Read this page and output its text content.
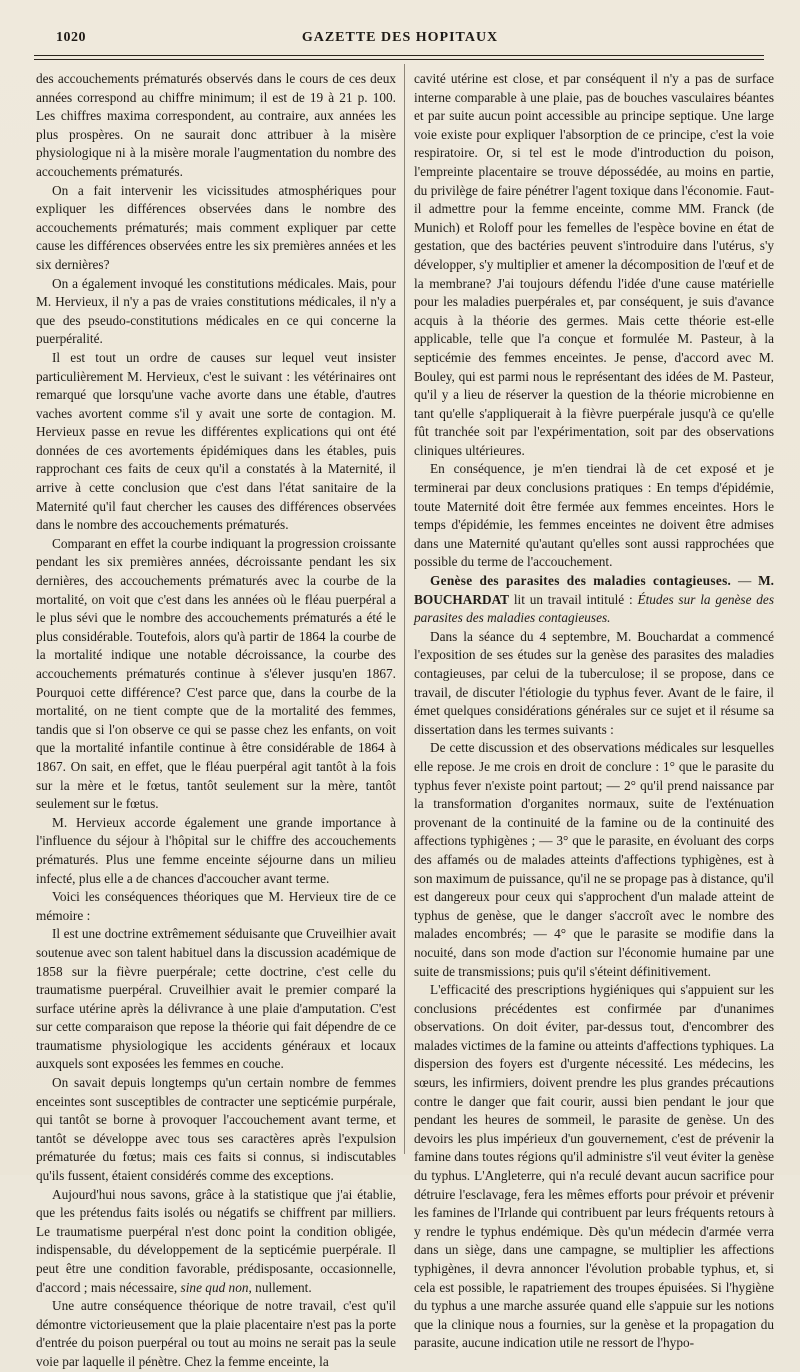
1020	GAZETTE DES HOPITAUX

des accouchements prématurés observés dans le cours de ces deux années correspond au chiffre minimum; il est de 19 à 21 p. 100. Les chiffres maxima correspondent, au contraire, aux années les plus prospères. On ne saurait donc attribuer à la misère physiologique ni à la misère morale l'augmentation du nombre des accouchements prématurés.

On a fait intervenir les vicissitudes atmosphériques pour expliquer les différences observées dans le nombre des accouchements prématurés; mais comment expliquer par cette cause les différences observées entre les six premières années et les six dernières?

On a également invoqué les constitutions médicales. Mais, pour M. Hervieux, il n'y a pas de vraies constitutions médicales, il n'y a que des pseudo-constitutions médicales en ce qui concerne la puerpéralité.

Il est tout un ordre de causes sur lequel veut insister particulièrement M. Hervieux, c'est le suivant : les vétérinaires ont remarqué que lorsqu'une vache avorte dans une étable, d'autres vaches avortent comme s'il y avait une sorte de contagion. M. Hervieux passe en revue les différentes explications qui ont été données de ces avortements épidémiques dans les étables, puis rapprochant ces faits de ceux qu'il a constatés à la Maternité, il arrive à cette conclusion que c'est dans l'état sanitaire de la Maternité qu'il faut chercher les causes des différences observées dans le nombre des accouchements prématurés.

Comparant en effet la courbe indiquant la progression croissante pendant les six premières années, décroissante pendant les six dernières, des accouchements prématurés avec la courbe de la mortalité, on voit que c'est dans les années où le fléau puerpéral a le plus sévi que le nombre des accouchements prématurés a été le plus considérable. Toutefois, alors qu'à partir de 1864 la courbe de la mortalité indique une notable décroissance, la courbe des accouchements prématurés continue à s'élever jusqu'en 1867. Pourquoi cette différence? C'est parce que, dans la courbe de la mortalité, on ne tient compte que de la mortalité des femmes, tandis que si l'on observe ce qui se passe chez les enfants, on voit que la mortalité infantile continue à être considérable de 1864 à 1867. On sait, en effet, que le fléau puerpéral agit tantôt à la fois sur la mère et le fœtus, tantôt seulement sur la mère, tantôt seulement sur le fœtus.

M. Hervieux accorde également une grande importance à l'influence du séjour à l'hôpital sur le chiffre des accouchements prématurés. Plus une femme enceinte séjourne dans un milieu infecté, plus elle a de chances d'accoucher avant terme.

Voici les conséquences théoriques que M. Hervieux tire de ce mémoire :

Il est une doctrine extrêmement séduisante que Cruveilhier avait soutenue avec son talent habituel dans la discussion académique de 1858 sur la fièvre puerpérale; cette doctrine, c'est celle du traumatisme puerpéral. Cruveilhier avait le premier comparé la surface utérine après la délivrance à une plaie d'amputation. C'est sur cette comparaison que repose la théorie qui fait dépendre de ce traumatisme physiologique les accidents généraux et locaux auxquels sont exposées les femmes en couche.

On savait depuis longtemps qu'un certain nombre de femmes enceintes sont susceptibles de contracter une septicémie purpérale, qui tantôt se borne à provoquer l'accouchement avant terme, et tantôt se développe avec tous ses caractères après l'expulsion prématurée du fœtus; mais ces faits si connus, si indiscutables qu'ils fussent, étaient considérés comme des exceptions.

Aujourd'hui nous savons, grâce à la statistique que j'ai établie, que les prétendus faits isolés ou négatifs se chiffrent par milliers. Le traumatisme puerpéral n'est donc point la condition obligée, indispensable, du développement de la septicémie puerpérale. Il peut être une condition favorable, prédisposante, occasionnelle, d'accord ; mais nécessaire, sine qud non, nullement.

Une autre conséquence théorique de notre travail, c'est qu'il démontre victorieusement que la plaie placentaire n'est pas la porte d'entrée du poison puerpéral ou tout au moins ne serait pas la seule voie par laquelle il pénètre. Chez la femme enceinte, la

cavité utérine est close, et par conséquent il n'y a pas de surface interne comparable à une plaie, pas de bouches vasculaires béantes et par suite aucun point accessible au principe septique. Une large voie existe pour expliquer l'absorption de ce principe, c'est la voie respiratoire. Or, si tel est le mode d'introduction du poison, l'empreinte placentaire se trouve dépossédée, au moins en partie, du privilège de faire pénétrer l'agent toxique dans l'économie. Faut-il admettre pour la femme enceinte, comme MM. Franck (de Munich) et Roloff pour les femelles de l'espèce bovine en état de gestation, que des bactéries peuvent s'introduire dans l'utérus, s'y développer, s'y multiplier et amener la décomposition de l'œuf et de la membrane? J'ai toujours défendu l'idée d'une cause matérielle pour les maladies puerpérales et, par conséquent, je suis d'avance acquis à la théorie des germes. Mais cette théorie est-elle applicable, telle que l'a conçue et formulée M. Pasteur, à la septicémie des femmes enceintes. Je pense, d'accord avec M. Bouley, qui est parmi nous le représentant des idées de M. Pasteur, qu'il y a lieu de réserver la question de la théorie microbienne en tant qu'elle s'appliquerait à la fièvre puerpérale jusqu'à ce qu'elle fût tranchée soit par l'expérimentation, soit par des observations cliniques ultérieures.

En conséquence, je m'en tiendrai là de cet exposé et je terminerai par deux conclusions pratiques : En temps d'épidémie, toute Maternité doit être fermée aux femmes enceintes. Hors le temps d'épidémie, les femmes enceintes ne doivent être admises dans une Maternité qu'autant qu'elles sont aussi rapprochées que possible du terme de l'accouchement.

Genèse des parasites des maladies contagieuses. — M. BOUCHARDAT lit un travail intitulé : Études sur la genèse des parasites des maladies contagieuses.

Dans la séance du 4 septembre, M. Bouchardat a commencé l'exposition de ses études sur la genèse des parasites des maladies contagieuses, par celui de la tuberculose; il se propose, dans ce travail, de discuter l'étiologie du typhus fever. Avant de le faire, il émet quelques considérations générales sur ce sujet et il résume sa dissertation dans les termes suivants :

De cette discussion et des observations médicales sur lesquelles elle repose. Je me crois en droit de conclure : 1° que le parasite du typhus fever n'existe point partout; — 2° qu'il prend naissance par la transformation d'organites normaux, suite de l'exténuation provenant de la continuité de la famine ou de la continuité des affections typhigènes ; — 3° que le parasite, en évoluant des corps des affamés ou de malades atteints d'affections typhigènes, est à son maximum de puissance, qu'il ne se propage pas à distance, qu'il est dangereux pour ceux qui s'approchent d'un malade atteint de typhus de genèse, que le danger s'accroît avec le nombre des malades encombrés; — 4° que le parasite se modifie dans la nocuité, dans son mode d'action sur l'économie humaine par une suite de transmissions; puis qu'il s'éteint définitivement.

L'efficacité des prescriptions hygiéniques qui s'appuient sur les conclusions précédentes est confirmée par d'unanimes observations. On doit éviter, par-dessus tout, d'encombrer des malades victimes de la famine ou atteints d'affections typhiques. La dispersion des foyers est d'urgente nécessité. Les médecins, les sœurs, les infirmiers, doivent prendre les plus grandes précautions contre le danger que fait courir, aussi bien pendant le jour que pendant les heures de sommeil, le parasite de genèse. Un des devoirs les plus impérieux d'un gouvernement, c'est de prévenir la famine dans toutes régions qu'il administre s'il veut éviter la genèse du typhus. L'Angleterre, qui n'a reculé devant aucun sacrifice pour détruire l'esclavage, fera les mêmes efforts pour prévoir et prévenir les famines de l'Irlande qui contribuent par leurs fréquents retours à y rendre le typhus endémique. Dès qu'un médecin d'armée verra dans un siège, dans une campagne, se multiplier les affections typhigènes, il devra annoncer l'évolution probable typhus, et, si cela est possible, le rapatriement des troupes épuisées. Si l'hygiène du typhus a une marche assurée quand elle s'appuie sur les notions que la clinique nous a fournies, sur la genèse et la propagation du parasite, aucune indication utile ne ressort de l'hypo-
